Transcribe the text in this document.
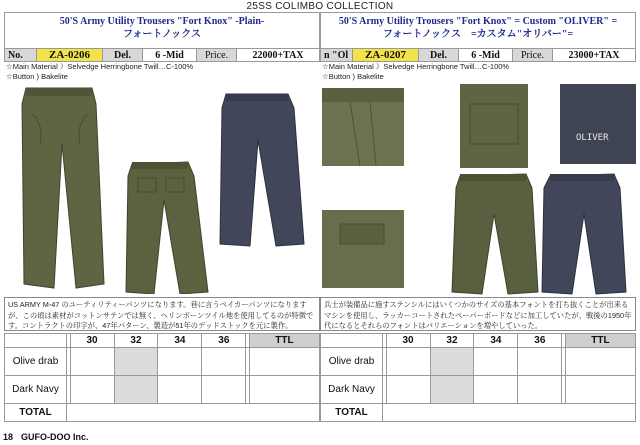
25SS COLIMBO COLLECTION
50'S Army Utility Trousers "Fort Knox" -Plain-
フォートノックス
No.	ZA-0206	Del.	6 -Mid	Price.	22000+TAX
☆Main Material ）Selvedge Herringbone Twill…C-100%
☆Button ) Bakelite
US ARMY M-47 のユーティリティーパンツになります。巷に言うベイカーパンツになります が、この頃は素材がコットンサテンでは無く、ヘリンボーンツイル地を使用してるのが特徴です。コントラクトの印字が、47年パターン、製造が51年のデッドストックを元に製作。
50'S Army Utility Trousers "Fort Knox" = Custom "OLIVER" =
フォートノックス　=カスタム"オリバー"=
n "Ol	ZA-0207	Del.	6 -Mid	Price.	23000+TAX
☆Main Material ）Selvedge Herringbone Twill…C-100%
☆Button ) Bakelite
OLIVER
兵士が装備品に施すステンシルにはいくつかのサイズの基本フォントを打ち抜くことが出来るマシンを使用し、ラッカーコートされたペーパーボードなどに加工していたが、戦後の1950年代になるとそれらのフォントはバリエーションを増やしていった。
		30	32	34	36		TTL
Olive drab							
Dark Navy							
TOTAL							
		30	32	34	36		TTL
Olive drab							
Dark Navy							
TOTAL							
18 GUFO-DOO Inc.
